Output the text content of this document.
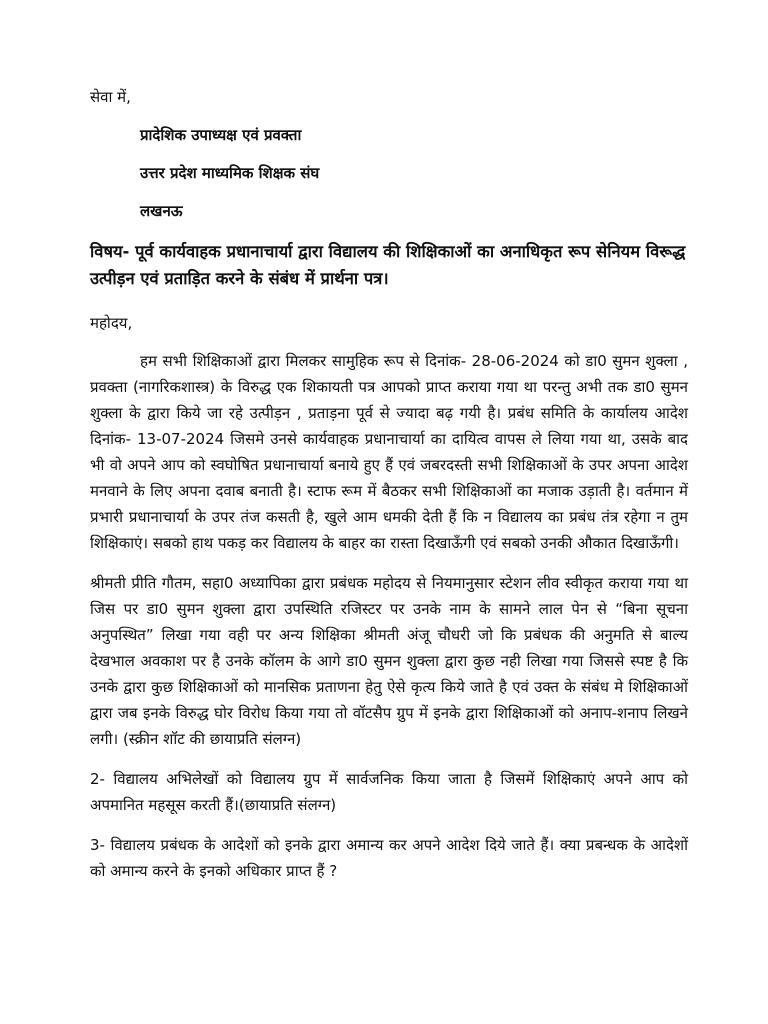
सेवा में,
प्रादेशिक उपाध्यक्ष एवं प्रवक्ता
उत्तर प्रदेश माध्यमिक शिक्षक संघ
लखनऊ
विषय- पूर्व कार्यवाहक प्रधानाचार्या द्वारा विद्यालय की शिक्षिकाओं का अनाधिकृत रूप सेनियम विरूद्ध उत्पीड़न एवं प्रताड़ित करने के संबंध में प्रार्थना पत्र।
महोदय,

हम सभी शिक्षिकाओं द्वारा मिलकर सामुहिक रूप से दिनांक- 28-06-2024 को डा0 सुमन शुक्ला , प्रवक्ता (नागरिकशास्त्र) के विरुद्ध एक शिकायती पत्र आपको प्राप्त कराया गया था परन्तु अभी तक डा0 सुमन शुक्ला के द्वारा किये जा रहे उत्पीड़न , प्रताड़ना पूर्व से ज्यादा बढ़ गयी है। प्रबंध समिति के कार्यालय आदेश दिनांक- 13-07-2024 जिसमे उनसे कार्यवाहक प्रधानाचार्या का दायित्व वापस ले लिया गया था, उसके बाद भी वो अपने आप को स्वघोषित प्रधानाचार्या बनाये हुए हैं एवं जबरदस्ती सभी शिक्षिकाओं के उपर अपना आदेश मनवाने के लिए अपना दवाब बनाती है। स्टाफ रूम में बैठकर सभी शिक्षिकाओं का मजाक उड़ाती है। वर्तमान में प्रभारी प्रधानाचार्या के उपर तंज कसती है, खुले आम धमकी देती हैं कि न विद्यालय का प्रबंध तंत्र रहेगा न तुम शिक्षिकाएं। सबको हाथ पकड़ कर विद्यालय के बाहर का रास्ता दिखाऊँगी एवं सबको उनकी औकात दिखाऊँगी।

श्रीमती प्रीति गौतम, सहा0 अध्यापिका द्वारा प्रबंधक महोदय से नियमानुसार स्टेशन लीव स्वीकृत कराया गया था जिस पर डा0 सुमन शुक्ला द्वारा उपस्थिति रजिस्टर पर उनके नाम के सामने लाल पेन से “बिना सूचना अनुपस्थित” लिखा गया वही पर अन्य शिक्षिका श्रीमती अंजू चौधरी जो कि प्रबंधक की अनुमति से बाल्य देखभाल अवकाश पर है उनके कॉलम के आगे डा0 सुमन शुक्ला द्वारा कुछ नही लिखा गया जिससे स्पष्ट है कि उनके द्वारा कुछ शिक्षिकाओं को मानसिक प्रताणना हेतु ऐसे कृत्य किये जाते है एवं उक्त के संबंध मे शिक्षिकाओं द्वारा जब इनके विरुद्ध घोर विरोध किया गया तो वॉटसैप ग्रुप में इनके द्वारा शिक्षिकाओं को अनाप-शनाप लिखने लगी। (स्क्रीन शॉट की छायाप्रति संलग्न)

2- विद्यालय अभिलेखों को विद्यालय ग्रुप में सार्वजनिक किया जाता है जिसमें शिक्षिकाएं अपने आप को अपमानित महसूस करती हैं।(छायाप्रति संलग्न)

3- विद्यालय प्रबंधक के आदेशों को इनके द्वारा अमान्य कर अपने आदेश दिये जाते हैं। क्या प्रबन्धक के आदेशों को अमान्य करने के इनको अधिकार प्राप्त हैं ?
